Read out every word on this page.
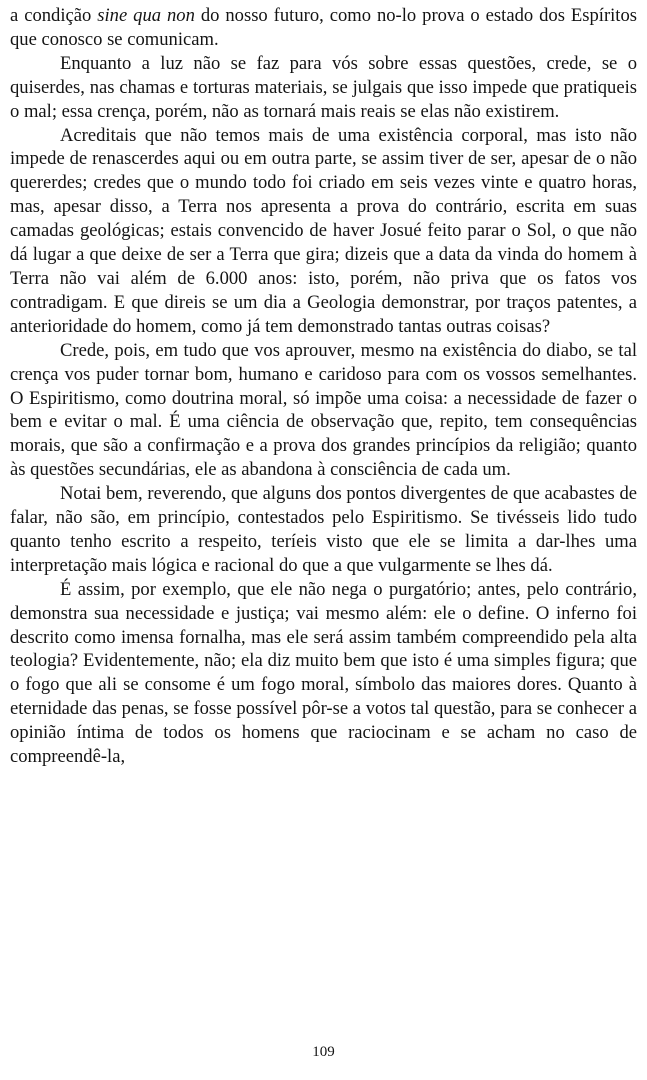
a condição sine qua non do nosso futuro, como no-lo prova o estado dos Espíritos que conosco se comunicam.

Enquanto a luz não se faz para vós sobre essas questões, crede, se o quiserdes, nas chamas e torturas materiais, se julgais que isso impede que pratiqueis o mal; essa crença, porém, não as tornará mais reais se elas não existirem.

Acreditais que não temos mais de uma existência corporal, mas isto não impede de renascerdes aqui ou em outra parte, se assim tiver de ser, apesar de o não quererdes; credes que o mundo todo foi criado em seis vezes vinte e quatro horas, mas, apesar disso, a Terra nos apresenta a prova do contrário, escrita em suas camadas geológicas; estais convencido de haver Josué feito parar o Sol, o que não dá lugar a que deixe de ser a Terra que gira; dizeis que a data da vinda do homem à Terra não vai além de 6.000 anos: isto, porém, não priva que os fatos vos contradigam. E que direis se um dia a Geologia demonstrar, por traços patentes, a anterioridade do homem, como já tem demonstrado tantas outras coisas?

Crede, pois, em tudo que vos aprouver, mesmo na existência do diabo, se tal crença vos puder tornar bom, humano e caridoso para com os vossos semelhantes. O Espiritismo, como doutrina moral, só impõe uma coisa: a necessidade de fazer o bem e evitar o mal. É uma ciência de observação que, repito, tem consequências morais, que são a confirmação e a prova dos grandes princípios da religião; quanto às questões secundárias, ele as abandona à consciência de cada um.

Notai bem, reverendo, que alguns dos pontos divergentes de que acabastes de falar, não são, em princípio, contestados pelo Espiritismo. Se tivésseis lido tudo quanto tenho escrito a respeito, teríeis visto que ele se limita a dar-lhes uma interpretação mais lógica e racional do que a que vulgarmente se lhes dá.

É assim, por exemplo, que ele não nega o purgatório; antes, pelo contrário, demonstra sua necessidade e justiça; vai mesmo além: ele o define. O inferno foi descrito como imensa fornalha, mas ele será assim também compreendido pela alta teologia? Evidentemente, não; ela diz muito bem que isto é uma simples figura; que o fogo que ali se consome é um fogo moral, símbolo das maiores dores. Quanto à eternidade das penas, se fosse possível pôr-se a votos tal questão, para se conhecer a opinião íntima de todos os homens que raciocinam e se acham no caso de compreendê-la,

109
